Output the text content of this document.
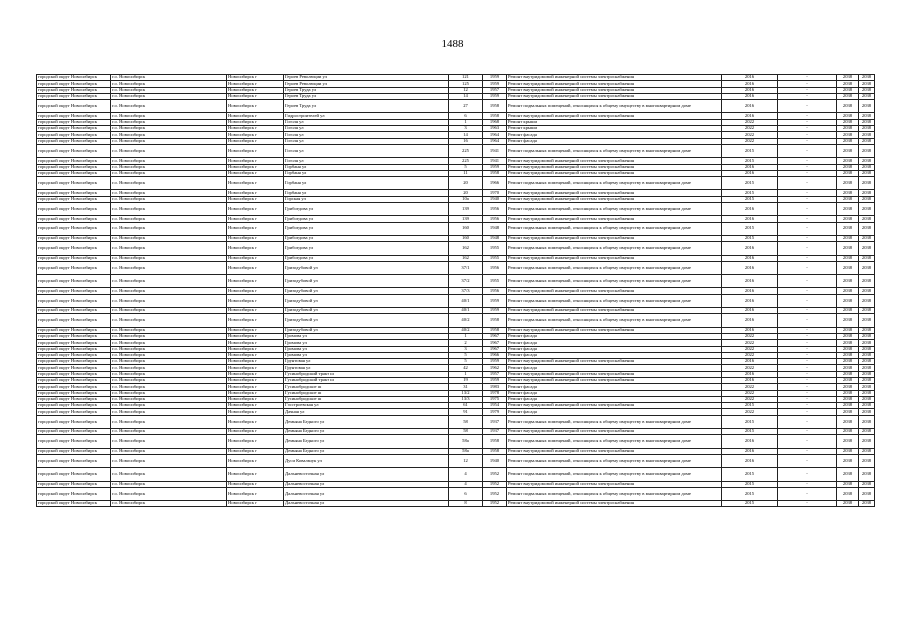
1488
городской округ Новосибирск	г.о. Новосибирск	Новосибирск г	Героев Революции ул	121	1959	Ремонт внутридомовой инженерной системы электроснабжения	2016	-	2038	2038
городской округ Новосибирск	г.о. Новосибирск	Новосибирск г	Героев Революции ул	125	1959	Ремонт внутридомовой инженерной системы электроснабжения	2016	-	2038	2038
городской округ Новосибирск	г.о. Новосибирск	Новосибирск г	Героев Труда ул	12	1957	Ремонт внутридомовой инженерной системы электроснабжения	2016	-	2038	2038
городской округ Новосибирск	г.о. Новосибирск	Новосибирск г	Героев Труда ул	14	1959	Ремонт внутридомовой инженерной системы электроснабжения	2016	-	2038	2038
городской округ Новосибирск	г.о. Новосибирск	Новосибирск г	Героев Труда ул	27	1958	Ремонт подвальных помещений, относящихся к общему имуществу в многоквартирном доме	2016	-	2038	2038
городской округ Новосибирск	г.о. Новосибирск	Новосибирск г	Гидростроителей ул	6	1958	Ремонт внутридомовой инженерной системы электроснабжения	2016	-	2038	2038
городской округ Новосибирск	г.о. Новосибирск	Новосибирск г	Гоголя ул	1	1968	Ремонт крыши	2022	-	2038	2038
городской округ Новосибирск	г.о. Новосибирск	Новосибирск г	Гоголя ул	3	1963	Ремонт крыши	2022	-	2038	2038
городской округ Новосибирск	г.о. Новосибирск	Новосибирск г	Гоголя ул	14	1964	Ремонт фасада	2022	-	2038	2038
городской округ Новосибирск	г.о. Новосибирск	Новосибирск г	Гоголя ул	16	1964	Ремонт фасада	2022	-	2038	2038
городской округ Новосибирск	г.о. Новосибирск	Новосибирск г	Гоголя ул	225	1941	Ремонт подвальных помещений, относящихся к общему имуществу в многоквартирном доме	2015	-	2038	2038
городской округ Новосибирск	г.о. Новосибирск	Новосибирск г	Гоголя ул	225	1941	Ремонт внутридомовой инженерной системы электроснабжения	2015	-	2038	2038
городской округ Новосибирск	г.о. Новосибирск	Новосибирск г	Горбаня ул	5	1959	Ремонт внутридомовой инженерной системы электроснабжения	2016	-	2038	2038
городской округ Новосибирск	г.о. Новосибирск	Новосибирск г	Горбаня ул	11	1958	Ремонт внутридомовой инженерной системы электроснабжения	2016	-	2038	2038
городской округ Новосибирск	г.о. Новосибирск	Новосибирск г	Горбаня ул	20	1966	Ремонт подвальных помещений, относящихся к общему имуществу в многоквартирном доме	2015	-	2038	2038
городской округ Новосибирск	г.о. Новосибирск	Новосибирск г	Горбаня ул	20	1970	Ремонт внутридомовой инженерной системы электроснабжения	2015	-	2038	2038
городской округ Новосибирск	г.о. Новосибирск	Новосибирск г	Горская ул	10а	1940	Ремонт внутридомовой инженерной системы электроснабжения	2015	-	2038	2038
городской округ Новосибирск	г.о. Новосибирск	Новосибирск г	Грибоедова ул	139	1956	Ремонт подвальных помещений, относящихся к общему имуществу в многоквартирном доме	2016	-	2038	2038
городской округ Новосибирск	г.о. Новосибирск	Новосибирск г	Грибоедова ул	139	1956	Ремонт внутридомовой инженерной системы электроснабжения	2016	-	2038	2038
городской округ Новосибирск	г.о. Новосибирск	Новосибирск г	Грибоедова ул	160	1948	Ремонт подвальных помещений, относящихся к общему имуществу в многоквартирном доме	2015	-	2038	2038
городской округ Новосибирск	г.о. Новосибирск	Новосибирск г	Грибоедова ул	160	1948	Ремонт внутридомовой инженерной системы электроснабжения	2015	-	2038	2038
городской округ Новосибирск	г.о. Новосибирск	Новосибирск г	Грибоедова ул	162	1955	Ремонт подвальных помещений, относящихся к общему имуществу в многоквартирном доме	2016	-	2038	2038
городской округ Новосибирск	г.о. Новосибирск	Новосибирск г	Грибоедова ул	162	1955	Ремонт внутридомовой инженерной системы электроснабжения	2016	-	2038	2038
городской округ Новосибирск	г.о. Новосибирск	Новосибирск г	Гризодубовой ул	37/1	1956	Ремонт подвальных помещений, относящихся к общему имуществу в многоквартирном доме	2016	-	2038	2038
городской округ Новосибирск	г.о. Новосибирск	Новосибирск г	Гризодубовой ул	37/2	1955	Ремонт подвальных помещений, относящихся к общему имуществу в многоквартирном доме	2016	-	2038	2038
городской округ Новосибирск	г.о. Новосибирск	Новосибирск г	Гризодубовой ул	37/3	1956	Ремонт внутридомовой инженерной системы электроснабжения	2016	-	2038	2038
городской округ Новосибирск	г.о. Новосибирск	Новосибирск г	Гризодубовой ул	40/1	1959	Ремонт подвальных помещений, относящихся к общему имуществу в многоквартирном доме	2016	-	2038	2038
городской округ Новосибирск	г.о. Новосибирск	Новосибирск г	Гризодубовой ул	40/1	1959	Ремонт внутридомовой инженерной системы электроснабжения	2016	-	2038	2038
городской округ Новосибирск	г.о. Новосибирск	Новосибирск г	Гризодубовой ул	40/2	1958	Ремонт подвальных помещений, относящихся к общему имуществу в многоквартирном доме	2016	-	2038	2038
городской округ Новосибирск	г.о. Новосибирск	Новосибирск г	Гризодубовой ул	40/2	1958	Ремонт внутридомовой инженерной системы электроснабжения	2016	-	2038	2038
городской округ Новосибирск	г.о. Новосибирск	Новосибирск г	Громова ул	1	1967	Ремонт фасада	2022	-	2038	2038
городской округ Новосибирск	г.о. Новосибирск	Новосибирск г	Громова ул	2	1967	Ремонт фасада	2022	-	2038	2038
городской округ Новосибирск	г.о. Новосибирск	Новосибирск г	Громова ул	3	1967	Ремонт фасада	2022	-	2038	2038
городской округ Новосибирск	г.о. Новосибирск	Новосибирск г	Громова ул	5	1966	Ремонт фасада	2022	-	2038	2038
городской округ Новосибирск	г.о. Новосибирск	Новосибирск г	Грунтовая ул	5	1959	Ремонт внутридомовой инженерной системы электроснабжения	2016	-	2038	2038
городской округ Новосибирск	г.о. Новосибирск	Новосибирск г	Грунтовая ул	42	1962	Ремонт фасада	2022	-	2038	2038
городской округ Новосибирск	г.о. Новосибирск	Новосибирск г	Гусинобродский тракт ш	1	1957	Ремонт внутридомовой инженерной системы электроснабжения	2016	-	2038	2038
городской округ Новосибирск	г.о. Новосибирск	Новосибирск г	Гусинобродский тракт ш	19	1959	Ремонт внутридомовой инженерной системы электроснабжения	2016	-	2038	2038
городской округ Новосибирск	г.о. Новосибирск	Новосибирск г	Гусинобродское ш	31	1983	Ремонт фасада	2022	-	2038	2038
городской округ Новосибирск	г.о. Новосибирск	Новосибирск г	Гусинобродское ш	13/2	1978	Ремонт фасада	2022	-	2038	2038
городской округ Новосибирск	г.о. Новосибирск	Новосибирск г	Гусинобродское ш	13/3	1975	Ремонт фасада	2022	-	2038	2038
городской округ Новосибирск	г.о. Новосибирск	Новосибирск г	Гэсстроевская ул	61	1954	Ремонт внутридомовой инженерной системы электроснабжения	2015	-	2038	2038
городской округ Новосибирск	г.о. Новосибирск	Новосибирск г	Дачная ул	91	1979	Ремонт фасада	2022	-	2038	2038
городской округ Новосибирск	г.о. Новосибирск	Новосибирск г	Демьяна Бедного ул	58	1937	Ремонт подвальных помещений, относящихся к общему имуществу в многоквартирном доме	2015	-	2038	2038
городской округ Новосибирск	г.о. Новосибирск	Новосибирск г	Демьяна Бедного ул	58	1937	Ремонт внутридомовой инженерной системы электроснабжения	2015	-	2038	2038
городской округ Новосибирск	г.о. Новосибирск	Новосибирск г	Демьяна Бедного ул	58а	1958	Ремонт подвальных помещений, относящихся к общему имуществу в многоквартирном доме	2016	-	2038	2038
городской округ Новосибирск	г.о. Новосибирск	Новосибирск г	Демьяна Бедного ул	58а	1958	Ремонт внутридомовой инженерной системы электроснабжения	2016	-	2038	2038
городской округ Новосибирск	г.о. Новосибирск	Новосибирск г	Дуси Ковальчук ул	12	1940	Ремонт подвальных помещений, относящихся к общему имуществу в многоквартирном доме	2016	-	2038	2038
городской округ Новосибирск	г.о. Новосибирск	Новосибирск г	Дальневосточная ул	4	1952	Ремонт подвальных помещений, относящихся к общему имуществу в многоквартирном доме	2015	-	2038	2038
городской округ Новосибирск	г.о. Новосибирск	Новосибирск г	Дальневосточная ул	4	1952	Ремонт внутридомовой инженерной системы электроснабжения	2015	-	2038	2038
городской округ Новосибирск	г.о. Новосибирск	Новосибирск г	Дальневосточная ул	6	1952	Ремонт подвальных помещений, относящихся к общему имуществу в многоквартирном доме	2015	-	2038	2038
городской округ Новосибирск	г.о. Новосибирск	Новосибирск г	Дальневосточная ул	8	1952	Ремонт внутридомовой инженерной системы электроснабжения	2015	-	2038	2038
